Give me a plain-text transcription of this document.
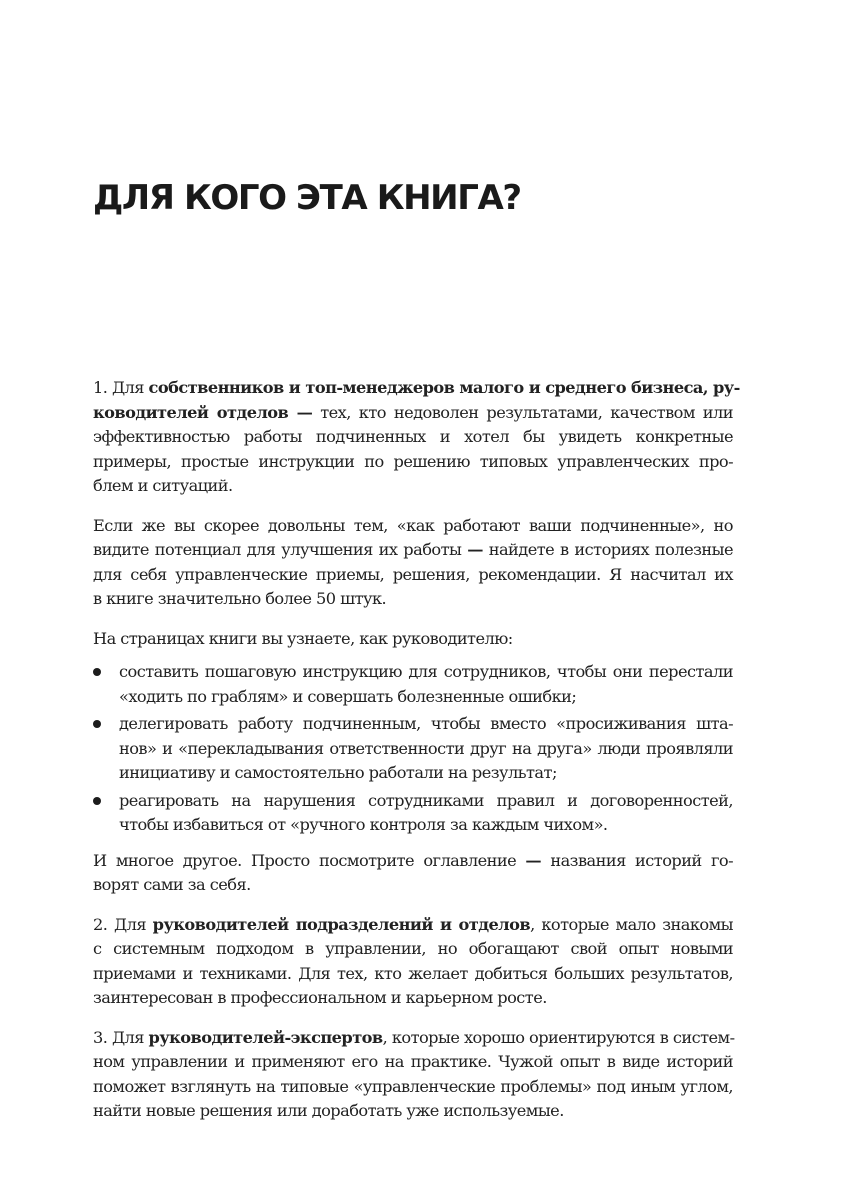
ДЛЯ КОГО ЭТА КНИГА?

1. Для собственников и топ-менеджеров малого и среднего бизнеса, ру-
ководителей отделов — тех, кто недоволен результатами, качеством или
эффективностью работы подчиненных и хотел бы увидеть конкретные
примеры, простые инструкции по решению типовых управленческих про-
блем и ситуаций.

Если же вы скорее довольны тем, «как работают ваши подчиненные», но
видите потенциал для улучшения их работы — найдете в историях полезные
для себя управленческие приемы, решения, рекомендации. Я насчитал их
в книге значительно более 50 штук.

На страницах книги вы узнаете, как руководителю:

составить пошаговую инструкцию для сотрудников, чтобы они перестали
«ходить по граблям» и совершать болезненные ошибки;
делегировать работу подчиненным, чтобы вместо «просиживания шта-
нов» и «перекладывания ответственности друг на друга» люди проявляли
инициативу и самостоятельно работали на результат;
реагировать на нарушения сотрудниками правил и договоренностей,
чтобы избавиться от «ручного контроля за каждым чихом».

И многое другое. Просто посмотрите оглавление — названия историй го-
ворят сами за себя.

2. Для руководителей подразделений и отделов, которые мало знакомы
с системным подходом в управлении, но обогащают свой опыт новыми
приемами и техниками. Для тех, кто желает добиться больших результатов,
заинтересован в профессиональном и карьерном росте.

3. Для руководителей-экспертов, которые хорошо ориентируются в систем-
ном управлении и применяют его на практике. Чужой опыт в виде историй
поможет взглянуть на типовые «управленческие проблемы» под иным углом,
найти новые решения или доработать уже используемые.
